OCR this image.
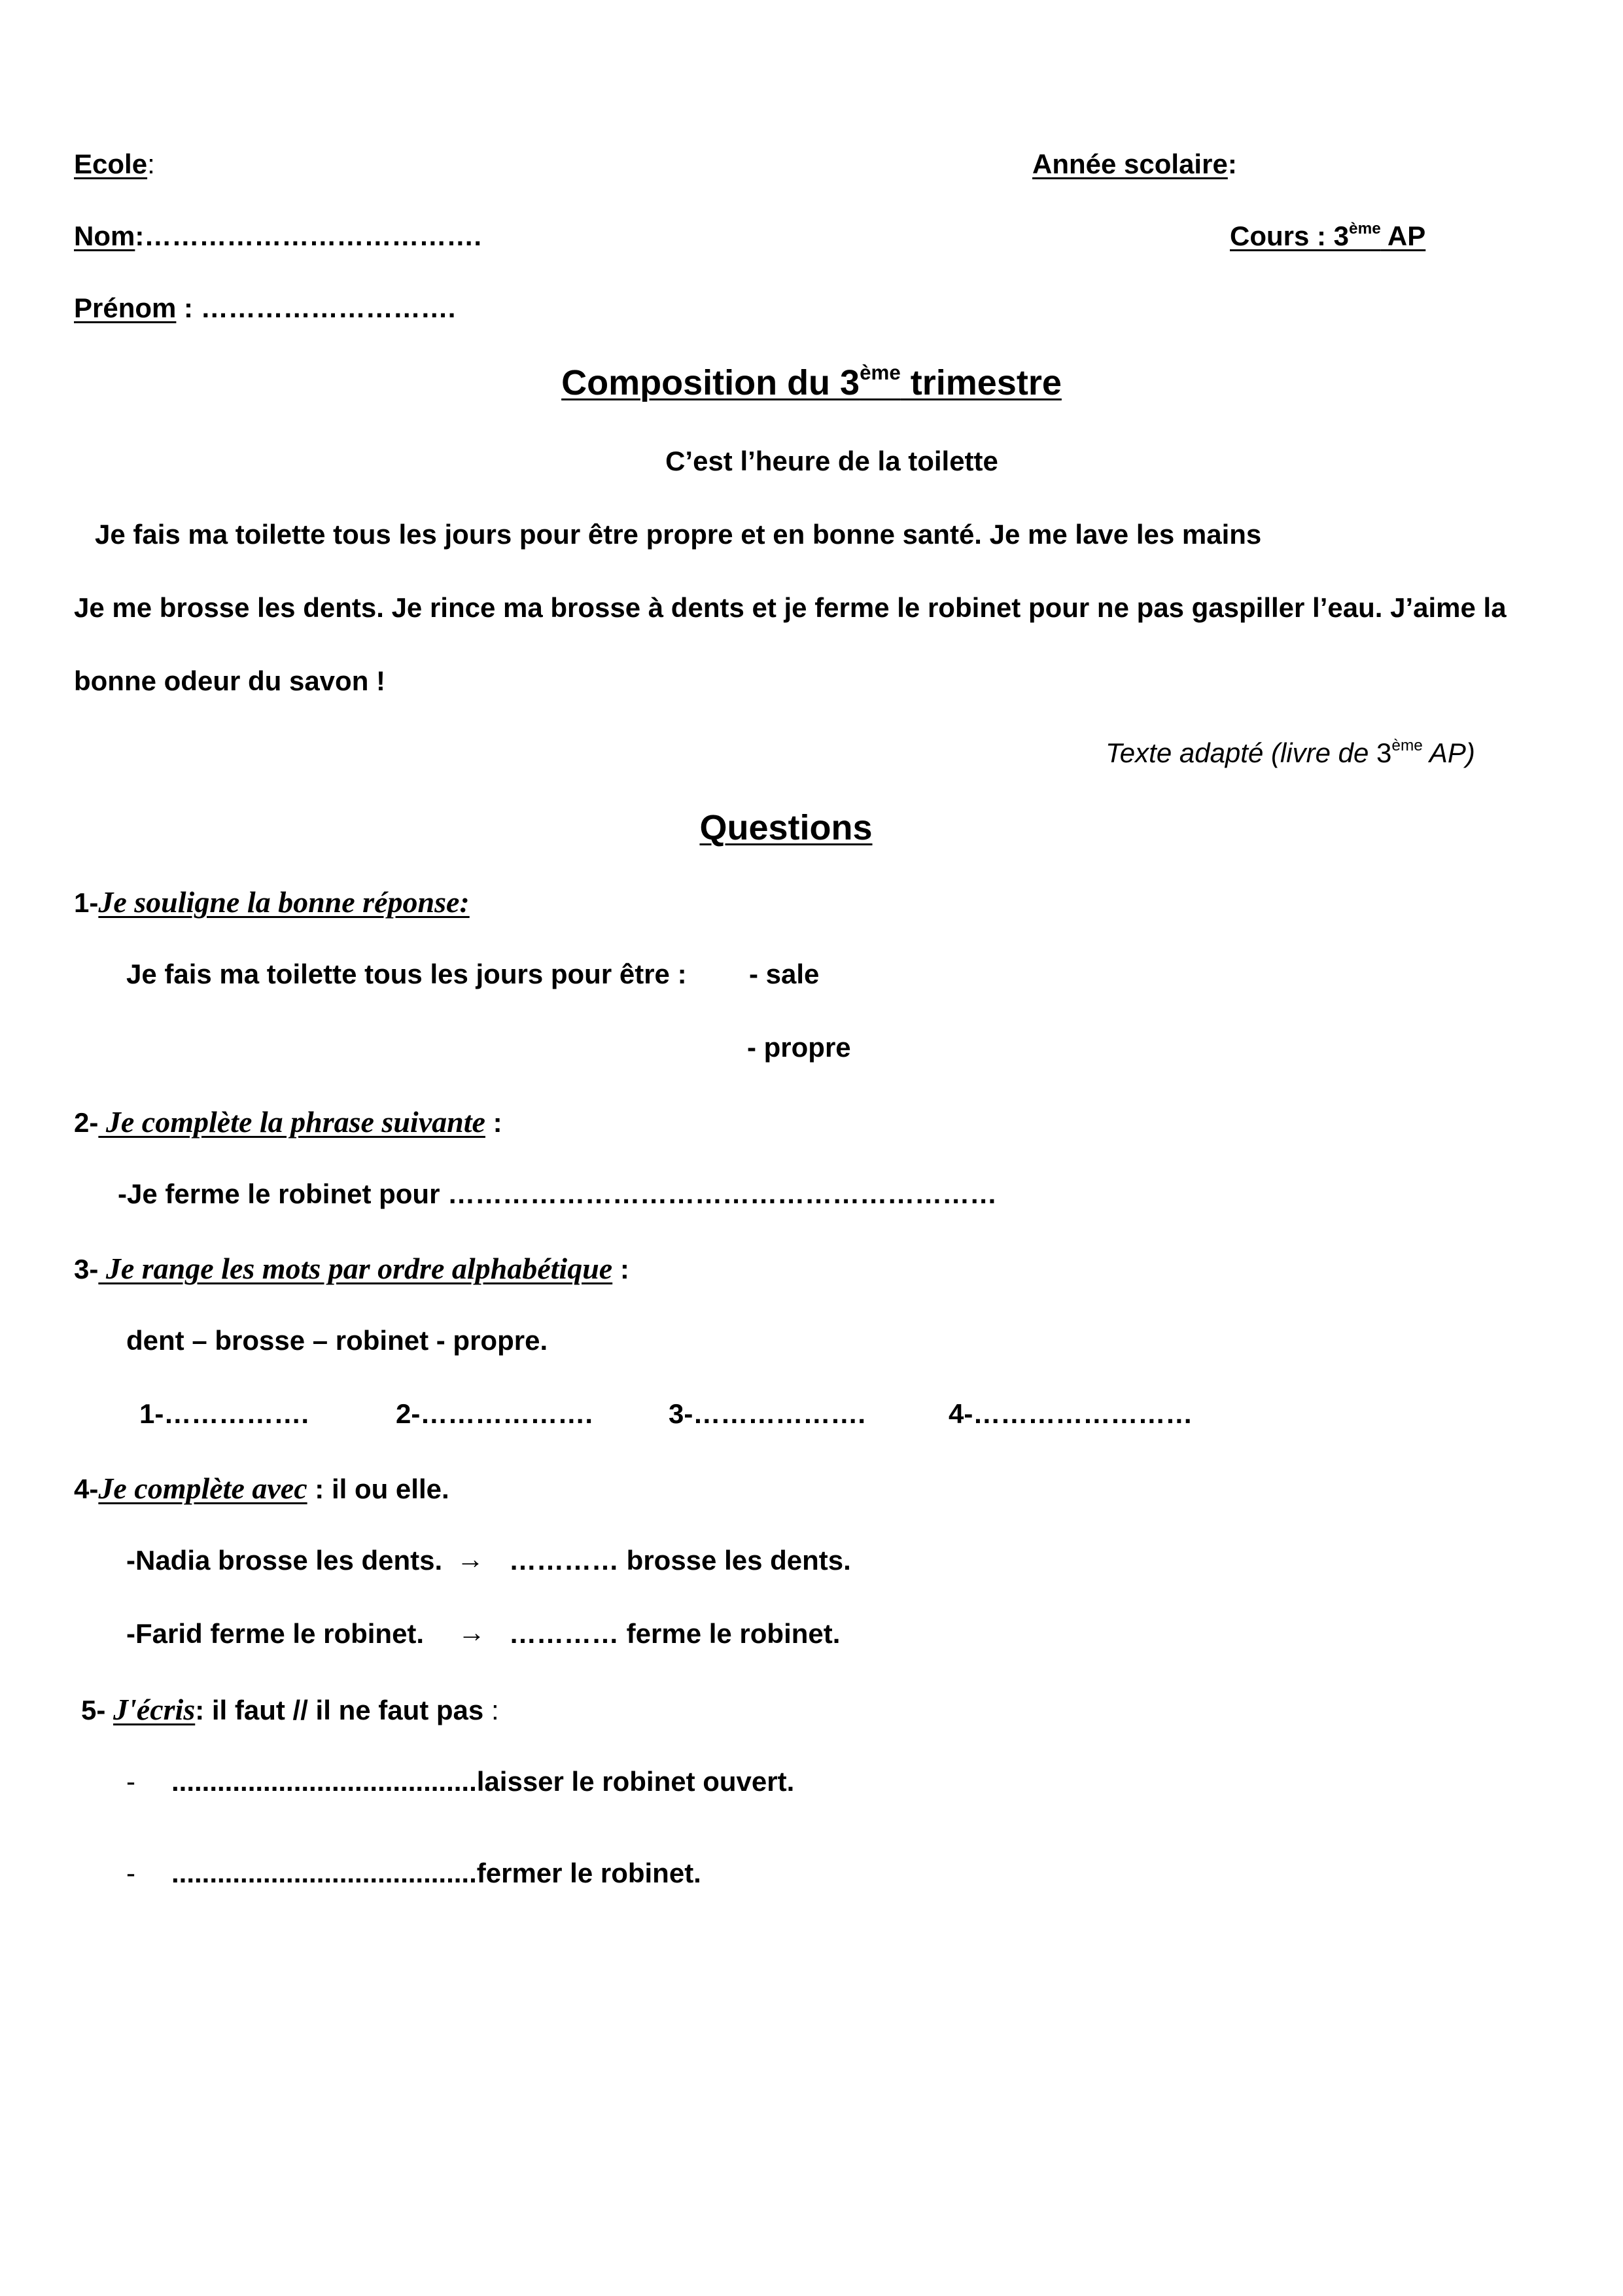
Ecole:	Année scolaire:
Nom:……………………………….	Cours : 3ème AP
Prénom : ……………………….
Composition du 3ème trimestre
C’est l’heure de la toilette
Je fais ma toilette tous les jours pour être propre et en bonne santé. Je me lave les mains
Je me brosse les dents. Je rince ma brosse à dents et je ferme le robinet pour ne pas gaspiller l’eau. J’aime la
bonne odeur du savon !
Texte adapté (livre de 3ème AP)
Questions
1-Je souligne la bonne réponse:
Je fais ma toilette tous les jours pour être : - sale
- propre
2- Je complète la phrase suivante :
-Je ferme le robinet pour ……………………………………………………
3- Je range les mots par ordre alphabétique :
dent – brosse – robinet - propre.
1-…………….	2-……………….	3-……………….	4-……………………
4-Je complète avec : il ou elle.
-Nadia brosse les dents. → ………… brosse les dents.
-Farid ferme le robinet. → ………… ferme le robinet.
5- J'écris: il faut // il ne faut pas :
- ........................................laisser le robinet ouvert.
- ........................................fermer le robinet.
